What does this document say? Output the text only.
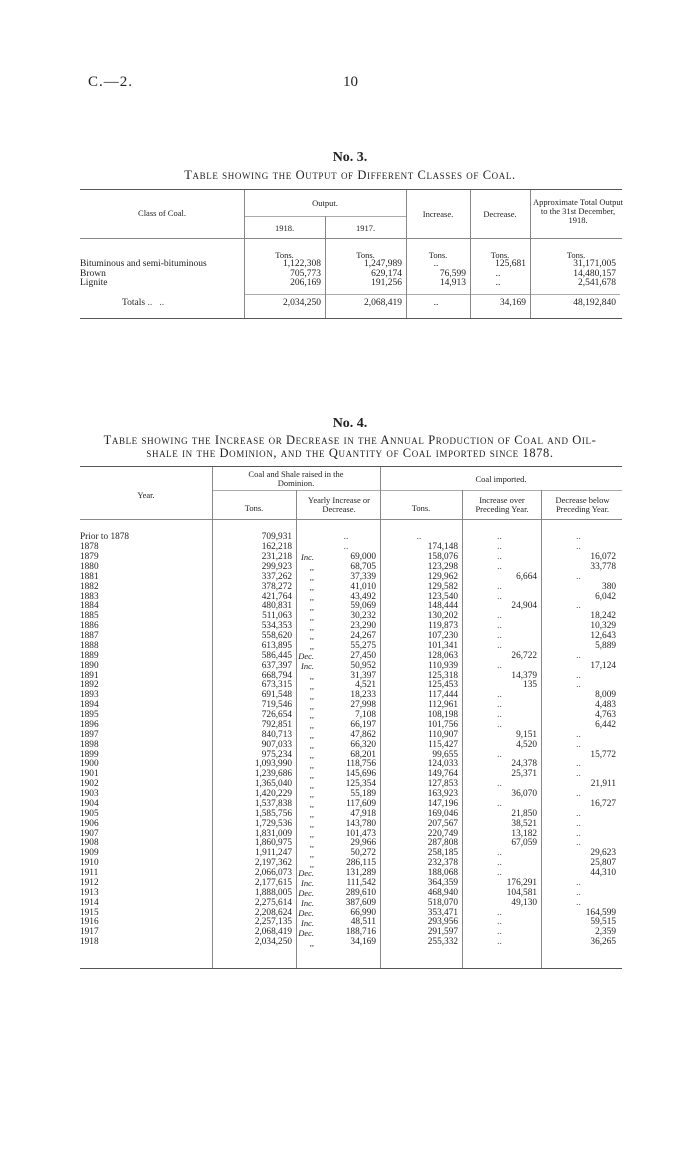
C.—2.	10
No. 3.
Table showing the Output of Different Classes of Coal.
Class of Coal.
Output.
1918.	1917.
Increase.	Decrease.
Approximate Total Output to the 31st December, 1918.
Tons.	Tons.	Tons.	Tons.	Tons.
Bituminous and semi-bituminous	1,122,308	1,247,989	..	125,681	31,171,005
Brown	705,773	629,174	76,599	..	14,480,157
Lignite	206,169	191,256	14,913	..	2,541,678
Totals ..   ..	2,034,250	2,068,419	..	34,169	48,192,840
No. 4.
Table showing the Increase or Decrease in the Annual Production of Coal and Oil-
shale in the Dominion, and the Quantity of Coal imported since 1878.
Year.
Coal and Shale raised in the Dominion.	Coal imported.
Tons.
Yearly Increase or Decrease.	Tons.
Increase over Preceding Year.
Decrease below Preceding Year.
Prior to 1878	709,931		..	..	..	..
1878	162,218		..	174,148	..	..
1879	231,218	Inc.	69,000	158,076	..	16,072
1880	299,923	,,	68,705	123,298	..	33,778
1881	337,262	,,	37,339	129,962	6,664	..
1882	378,272	,,	41,010	129,582	..	380
1883	421,764	,,	43,492	123,540	..	6,042
1884	480,831	,,	59,069	148,444	24,904	..
1885	511,063	,,	30,232	130,202	..	18,242
1886	534,353	,,	23,290	119,873	..	10,329
1887	558,620	,,	24,267	107,230	..	12,643
1888	613,895	,,	55,275	101,341	..	5,889
1889	586,445	Dec.	27,450	128,063	26,722	..
1890	637,397	Inc.	50,952	110,939	..	17,124
1891	668,794	,,	31,397	125,318	14,379	..
1892	673,315	,,	4,521	125,453	135	..
1893	691,548	,,	18,233	117,444	..	8,009
1894	719,546	,,	27,998	112,961	..	4,483
1895	726,654	,,	7,108	108,198	..	4,763
1896	792,851	,,	66,197	101,756	..	6,442
1897	840,713	,,	47,862	110,907	9,151	..
1898	907,033	,,	66,320	115,427	4,520	..
1899	975,234	,,	68,201	99,655	..	15,772
1900	1,093,990	,,	118,756	124,033	24,378	..
1901	1,239,686	,,	145,696	149,764	25,371	..
1902	1,365,040	,,	125,354	127,853	..	21,911
1903	1,420,229	,,	55,189	163,923	36,070	..
1904	1,537,838	,,	117,609	147,196	..	16,727
1905	1,585,756	,,	47,918	169,046	21,850	..
1906	1,729,536	,,	143,780	207,567	38,521	..
1907	1,831,009	,,	101,473	220,749	13,182	..
1908	1,860,975	,,	29,966	287,808	67,059	..
1909	1,911,247	,,	50,272	258,185	..	29,623
1910	2,197,362	,,	286,115	232,378	..	25,807
1911	2,066,073	Dec.	131,289	188,068	..	44,310
1912	2,177,615	Inc.	111,542	364,359	176,291	..
1913	1,888,005	Dec.	289,610	468,940	104,581	..
1914	2,275,614	Inc.	387,609	518,070	49,130	..
1915	2,208,624	Dec.	66,990	353,471	..	164,599
1916	2,257,135	Inc.	48,511	293,956	..	59,515
1917	2,068,419	Dec.	188,716	291,597	..	2,359
1918	2,034,250	,,	34,169	255,332	..	36,265
